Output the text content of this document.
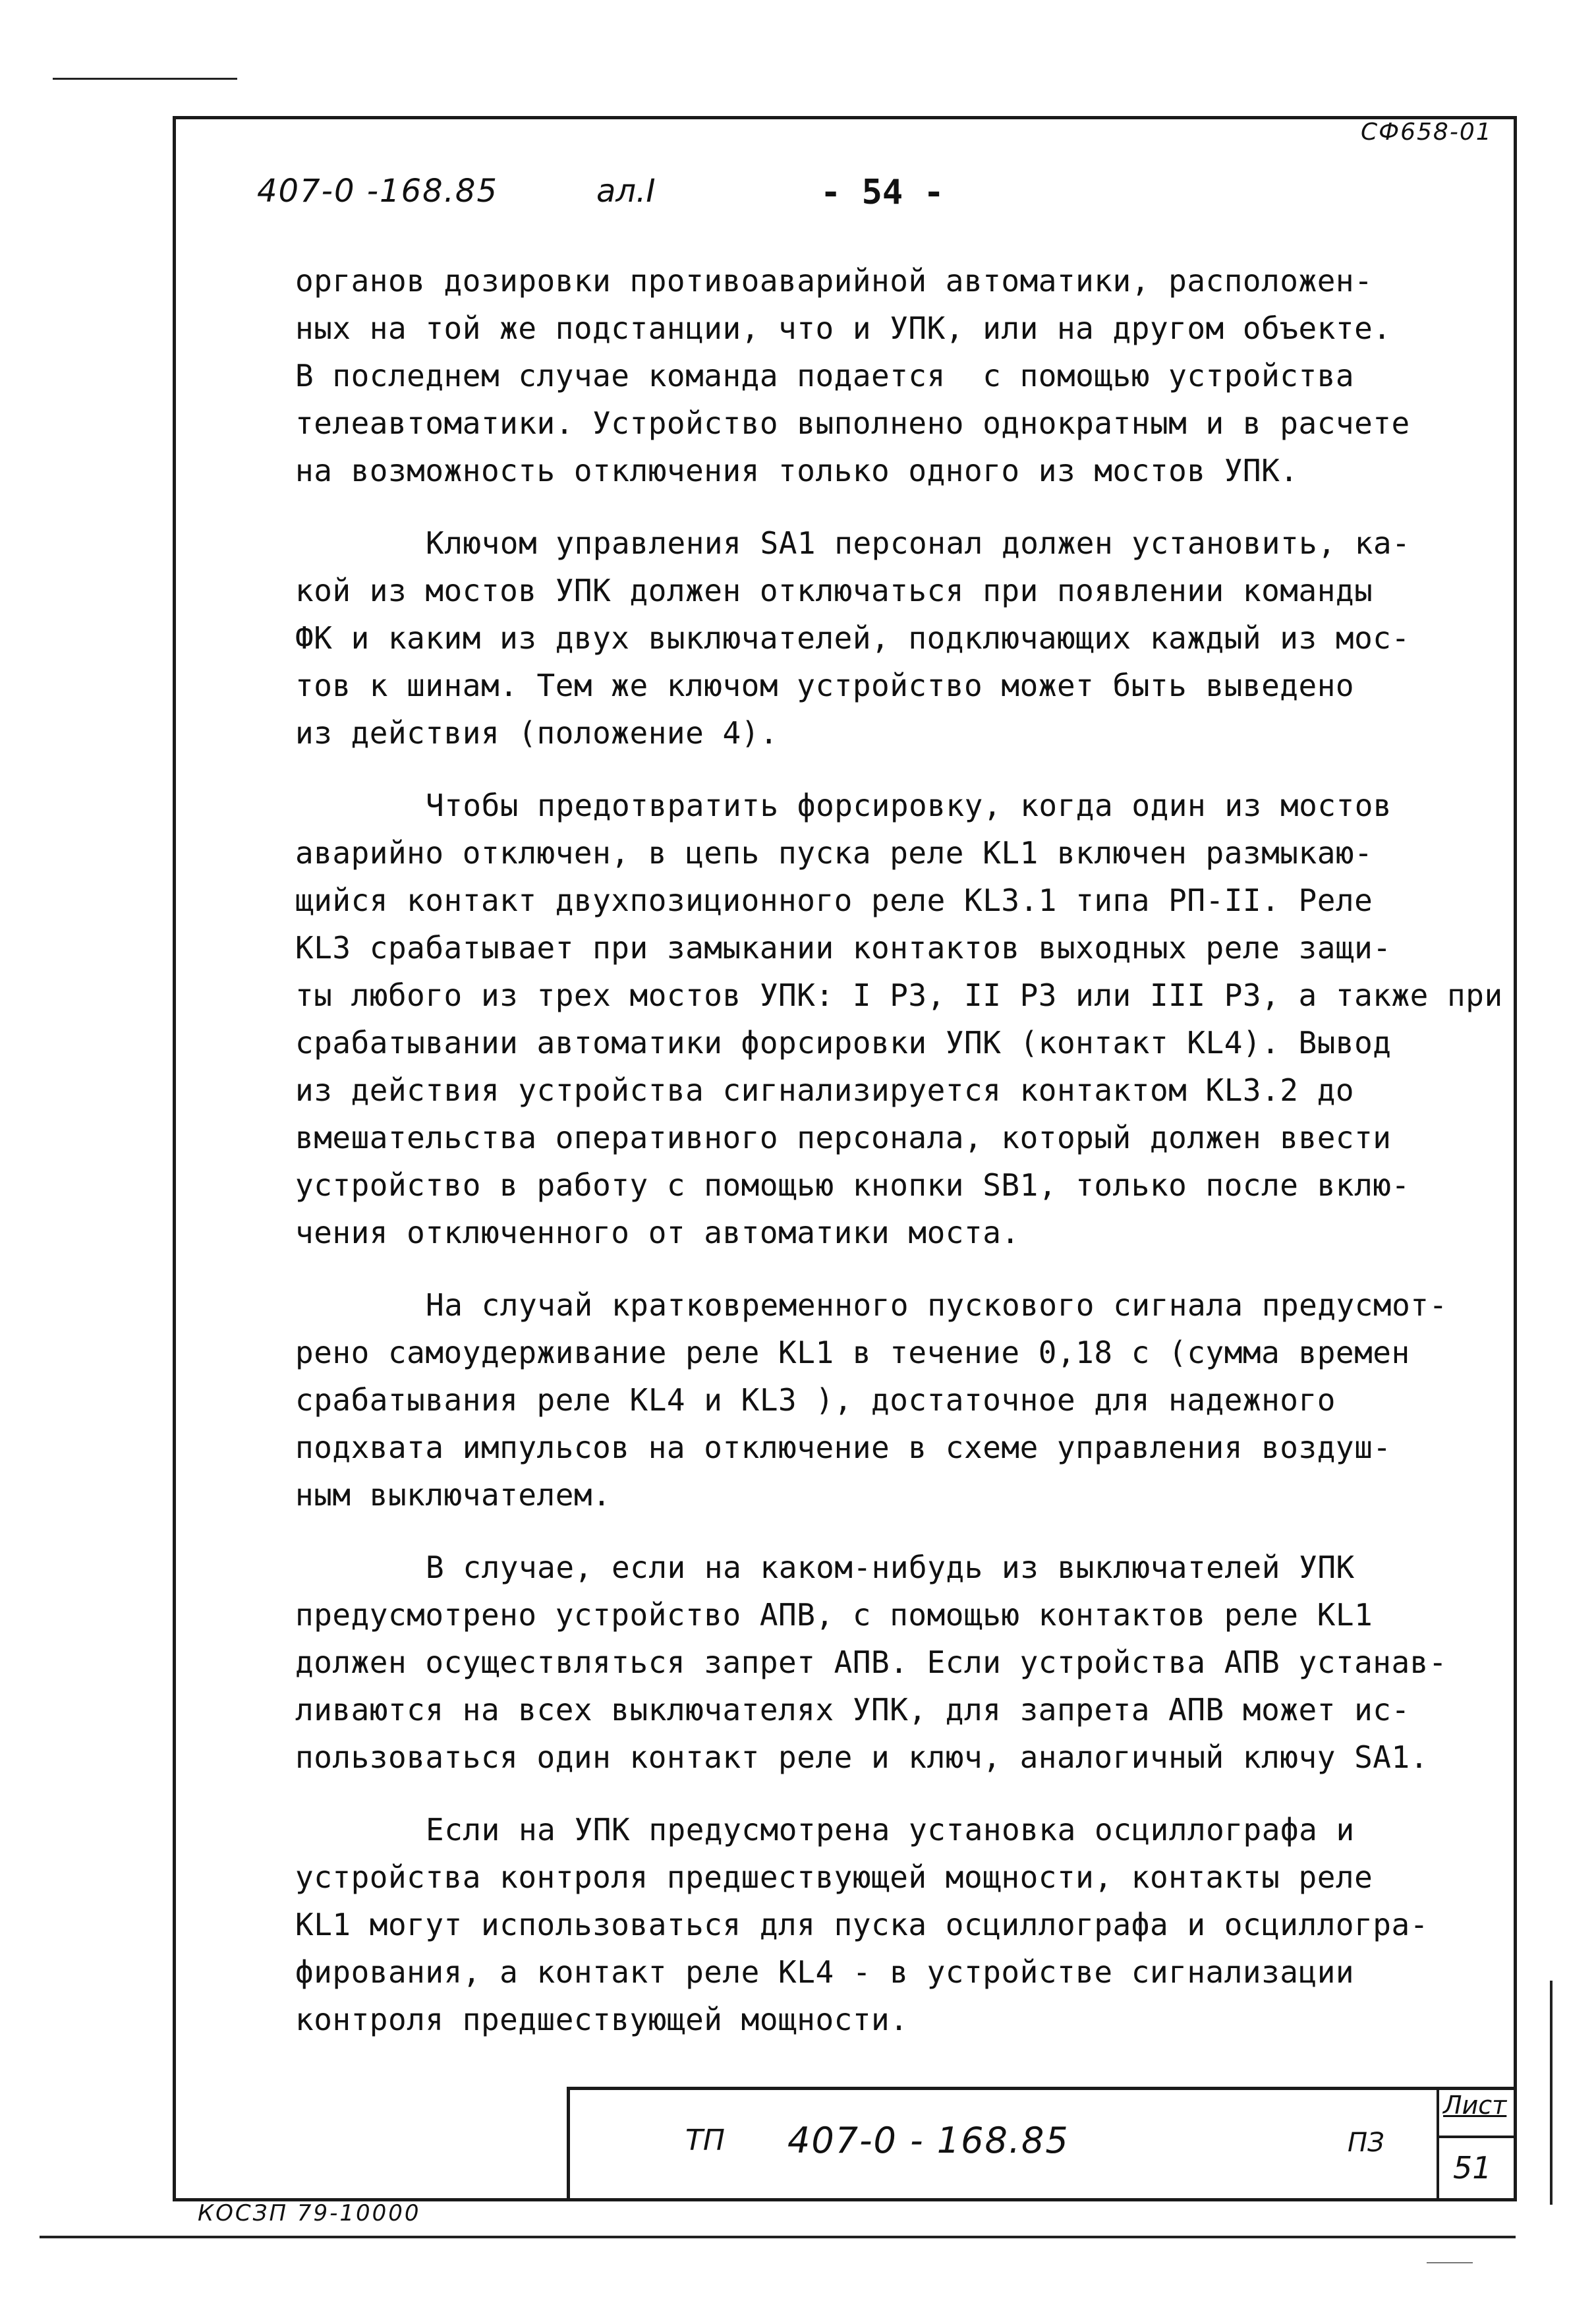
СФ658-01
407-0 -168.85	ал.I	- 54 -
органов дозировки противоаварийной автоматики, расположен-
ных на той же подстанции, что и УПК, или на другом объекте.
В последнем случае команда подается  с помощью устройства
телеавтоматики. Устройство выполнено однократным и в расчете
на возможность отключения только одного из мостов УПК.
Ключом управления SA1 персонал должен установить, ка-
кой из мостов УПК должен отключаться при появлении команды
ФК и каким из двух выключателей, подключающих каждый из мос-
тов к шинам. Тем же ключом устройство может быть выведено
из действия (положение 4).
Чтобы предотвратить форсировку, когда один из мостов
аварийно отключен, в цепь пуска реле KL1 включен размыкаю-
щийся контакт двухпозиционного реле KL3.1 типа РП-II. Реле
KL3 срабатывает при замыкании контактов выходных реле защи-
ты любого из трех мостов УПК: I РЗ, II РЗ или III РЗ, а также при
срабатывании автоматики форсировки УПК (контакт KL4). Вывод
из действия устройства сигнализируется контактом KL3.2 до
вмешательства оперативного персонала, который должен ввести
устройство в работу с помощью кнопки SB1, только после вклю-
чения отключенного от автоматики моста.
На случай кратковременного пускового сигнала предусмот-
рено самоудерживание реле KL1 в течение 0,18 с (сумма времен
срабатывания реле KL4 и KL3 ), достаточное для надежного
подхвата импульсов на отключение в схеме управления воздуш-
ным выключателем.
В случае, если на каком-нибудь из выключателей УПК
предусмотрено устройство АПВ, с помощью контактов реле KL1
должен осуществляться запрет АПВ. Если устройства АПВ устанав-
ливаются на всех выключателях УПК, для запрета АПВ может ис-
пользоваться один контакт реле и ключ, аналогичный ключу SA1.
Если на УПК предусмотрена установка осциллографа и
устройства контроля предшествующей мощности, контакты реле
KL1 могут использоваться для пуска осциллографа и осциллогра-
фирования, а контакт реле KL4 - в устройстве сигнализации
контроля предшествующей мощности.
ТП 407-0 - 168.85	ПЗ
Лист
51
КОСЗП 79-10000
